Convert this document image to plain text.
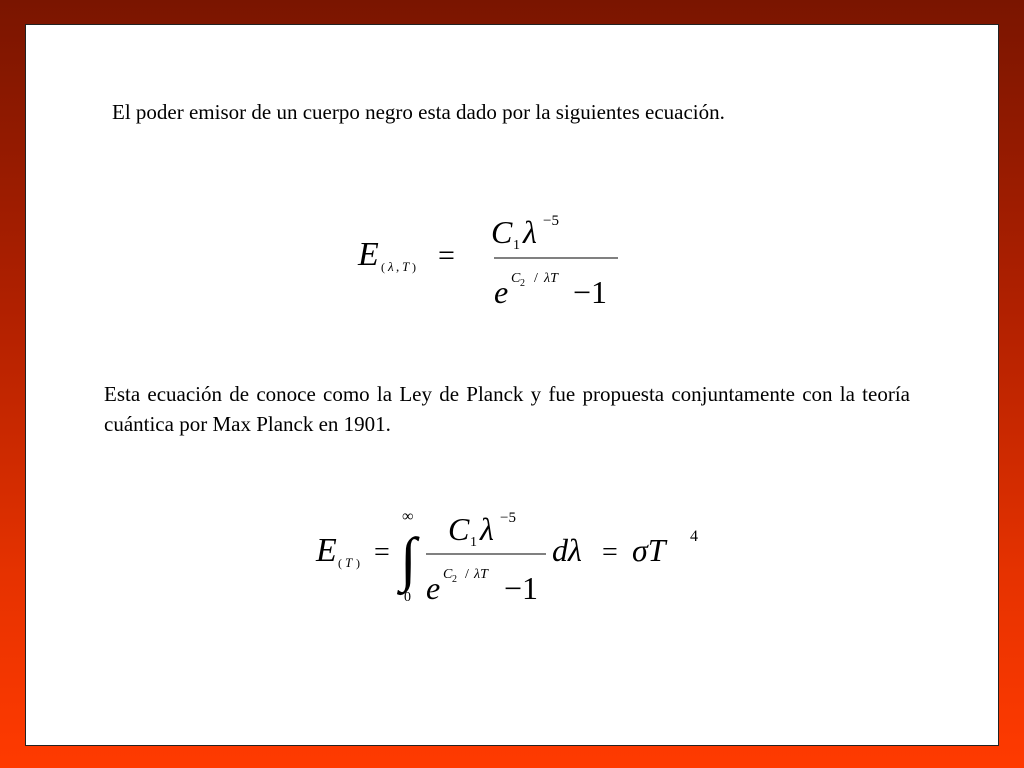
El poder emisor de un cuerpo negro esta dado por la siguientes ecuación.
E ( λ , T ) =
C 1 λ −5
e C 2 / λT −1
Esta ecuación de conoce como la Ley de Planck y fue propuesta conjuntamente con la teoría cuántica por Max Planck en 1901.
E ( T ) =
∞
∫
0
C 1 λ −5
e C 2 / λT −1
dλ = σT 4
